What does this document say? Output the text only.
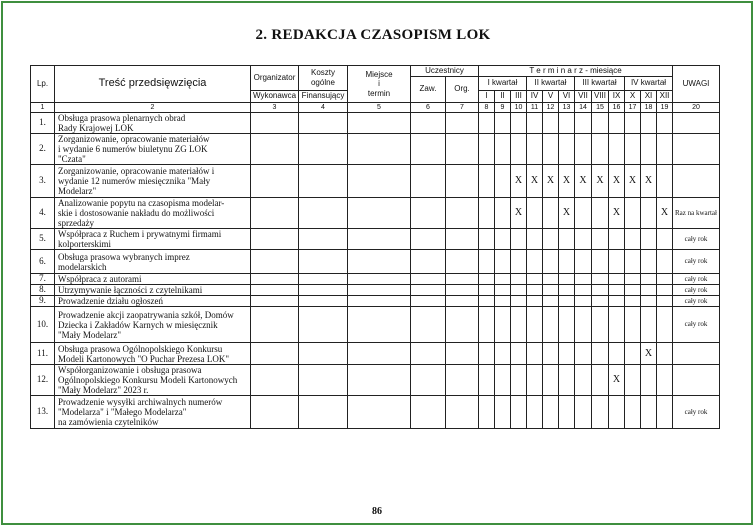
2. REDAKCJA CZASOPISM LOK
Lp.	Treść przedsięwzięcia	Organizator	Koszty
ogólne	Miejsce
i
termin	Uczestnicy		T e r m i n a r z - miesiące												UWAGI
					Zaw.	Org.	I kwartał			II kwartał			III kwartał			IV kwartał			
		Wykonawca	Finansujący				I	II	III	IV	V	VI	VII	VIII	IX	X	XI	XII	
1	2	3	4	5	6	7	8	9	10	11	12	13	14	15	16	17	18	19	20
1.	Obsługa prasowa plenarnych obrad
Rady Krajowej LOK																		
2.	Zorganizowanie, opracowanie materiałów
i wydanie 6 numerów biuletynu ZG LOK
"Czata"																		
3.	Zorganizowanie, opracowanie materiałów i
wydanie 12 numerów miesięcznika "Mały
Modelarz"								X	X	X	X	X	X	X	X	X		
4.	Analizowanie popytu na czasopisma modelar-
skie i dostosowanie nakładu do możliwości
sprzedaży								X			X			X			X	Raz na kwartał
5.	Współpraca z Ruchem i prywatnymi firmami
kolporterskimi																		cały rok
6.	Obsługa prasowa wybranych imprez
modelarskich																		cały rok
7.	Współpraca z autorami																		cały rok
8.	Utrzymywanie łączności z czytelnikami																		cały rok
9.	Prowadzenie działu ogłoszeń																		cały rok
10.	Prowadzenie akcji zaopatrywania szkół, Domów
Dziecka i Zakładów Karnych w miesięcznik
"Mały Modelarz"																		cały rok
11.	Obsługa prasowa Ogólnopolskiego Konkursu
Modeli Kartonowych "O Puchar Prezesa LOK"																X		
12.	Współorganizowanie i obsługa prasowa
Ogólnopolskiego Konkursu Modeli Kartonowych
"Mały Modelarz" 2023 r.														X				
13.	Prowadzenie wysyłki archiwalnych numerów
"Modelarza" i "Małego Modelarza"
na zamówienia czytelników																		cały rok
86
